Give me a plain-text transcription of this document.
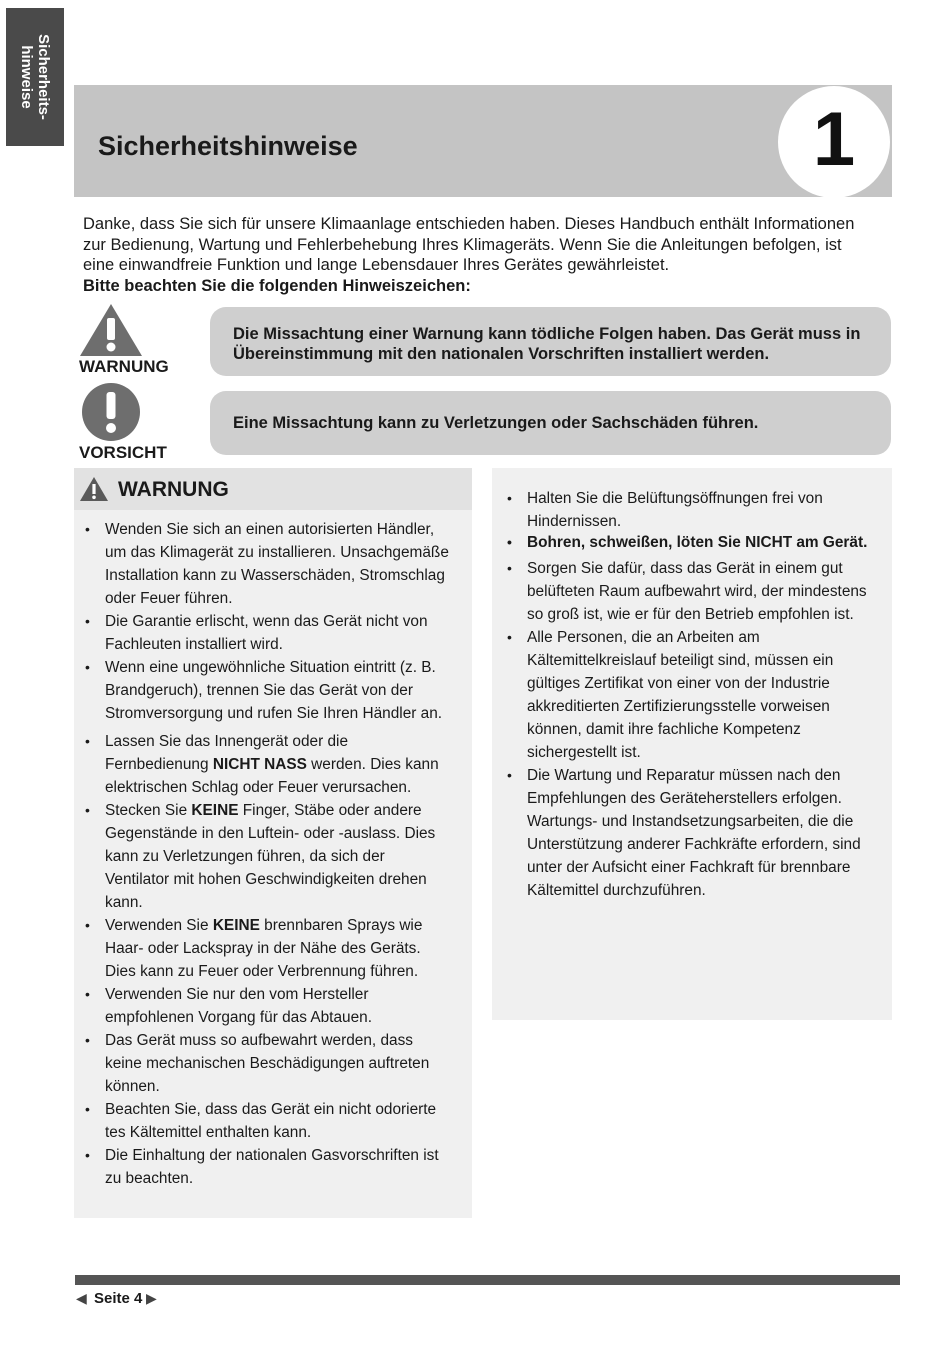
Sicherheits-
hinweise
Sicherheitshinweise	1
Danke, dass Sie sich für unsere Klimaanlage entschieden haben. Dieses Handbuch enthält Informationen zur Bedienung, Wartung und Fehlerbehebung Ihres Klimageräts. Wenn Sie die Anleitungen befolgen, ist eine einwandfreie Funktion und lange Lebensdauer Ihres Gerätes gewährleistet.
Bitte beachten Sie die folgenden Hinweiszeichen:
WARNUNG
Die Missachtung einer Warnung kann tödliche Folgen haben. Das Gerät muss in Übereinstimmung mit den nationalen Vorschriften installiert werden.
VORSICHT
Eine Missachtung kann zu Verletzungen oder Sachschäden führen.
WARNUNG
• Wenden Sie sich an einen autorisierten Händler, um das Klimagerät zu installieren. Unsachgemäße Installation kann zu Wasserschäden, Stromschlag oder Feuer führen.
• Die Garantie erlischt, wenn das Gerät nicht von Fachleuten installiert wird.
• Wenn eine ungewöhnliche Situation eintritt (z. B. Brandgeruch), trennen Sie das Gerät von der Stromversorgung und rufen Sie Ihren Händler an.
• Lassen Sie das Innengerät oder die Fernbedienung NICHT NASS werden. Dies kann elektrischen Schlag oder Feuer verursachen.
• Stecken Sie KEINE Finger, Stäbe oder andere Gegenstände in den Luftein- oder -auslass. Dies kann zu Verletzungen führen, da sich der Ventilator mit hohen Geschwindigkeiten drehen kann.
• Verwenden Sie KEINE brennbaren Sprays wie Haar- oder Lackspray in der Nähe des Geräts. Dies kann zu Feuer oder Verbrennung führen.
• Verwenden Sie nur den vom Hersteller empfohlenen Vorgang für das Abtauen.
• Das Gerät muss so aufbewahrt werden, dass keine mechanischen Beschädigungen auftreten können.
• Beachten Sie, dass das Gerät ein nicht odorierte tes Kältemittel enthalten kann.
• Die Einhaltung der nationalen Gasvorschriften ist zu beachten.
• Halten Sie die Belüftungsöffnungen frei von Hindernissen.
• Bohren, schweißen, löten Sie NICHT am Gerät.
• Sorgen Sie dafür, dass das Gerät in einem gut belüfteten Raum aufbewahrt wird, der mindestens so groß ist, wie er für den Betrieb empfohlen ist.
• Alle Personen, die an Arbeiten am Kältemittelkreislauf beteiligt sind, müssen ein gültiges Zertifikat von einer von der Industrie akkreditierten Zertifizierungsstelle vorweisen können, damit ihre fachliche Kompetenz sichergestellt ist.
• Die Wartung und Reparatur müssen nach den Empfehlungen des Geräteherstellers erfolgen. Wartungs- und Instandsetzungsarbeiten, die die Unterstützung anderer Fachkräfte erfordern, sind unter der Aufsicht einer Fachkraft für brennbare Kältemittel durchzuführen.
◀ Seite 4 ▶
